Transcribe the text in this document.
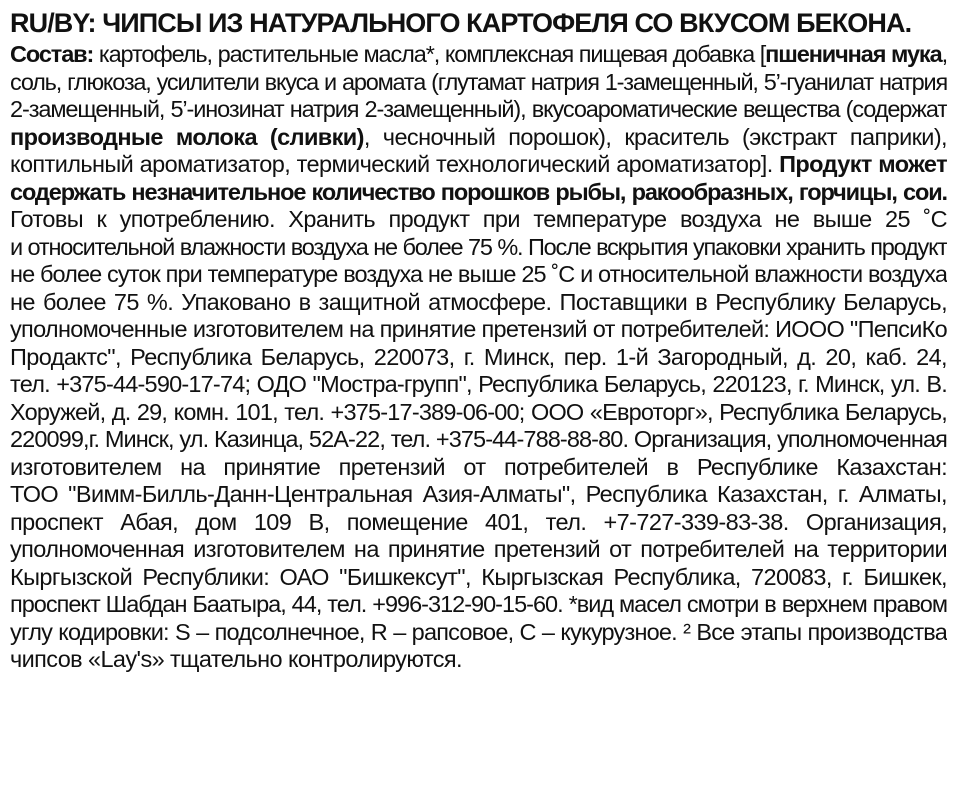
RU/BY: ЧИПСЫ ИЗ НАТУРАЛЬНОГО КАРТОФЕЛЯ СО ВКУСОМ БЕКОНА.
Состав: картофель, растительные масла*, комплексная пищевая добавка [пшеничная мука,
соль, глюкоза, усилители вкуса и аромата (глутамат натрия 1-замещенный, 5’-гуанилат натрия
2-замещенный, 5’-инозинат натрия 2-замещенный), вкусоароматические вещества (содержат
производные молока (сливки), чесночный порошок), краситель (экстракт паприки),
коптильный ароматизатор, термический технологический ароматизатор]. Продукт может
содержать незначительное количество порошков рыбы, ракообразных, горчицы, сои.
Готовы к употреблению. Хранить продукт при температуре воздуха не выше 25 ˚С
и относительной влажности воздуха не более 75 %. После вскрытия упаковки хранить продукт
не более суток при температуре воздуха не выше 25 ˚С и относительной влажности воздуха
не более 75 %. Упаковано в защитной атмосфере. Поставщики в Республику Беларусь,
уполномоченные изготовителем на принятие претензий от потребителей: ИООО "ПепсиКо
Продактс", Республика Беларусь, 220073, г. Минск, пер. 1-й Загородный, д. 20, каб. 24,
тел. +375-44-590-17-74; ОДО "Мостра-групп", Республика Беларусь, 220123, г. Минск, ул. В.
Хоружей, д. 29, комн. 101, тел. +375-17-389-06-00; ООО «Евроторг», Республика Беларусь,
220099,г. Минск, ул. Казинца, 52А-22, тел. +375-44-788-88-80. Организация, уполномоченная
изготовителем на принятие претензий от потребителей в Республике Казахстан:
ТОО "Вимм-Билль-Данн-Центральная Азия-Алматы", Республика Казахстан, г. Алматы,
проспект Абая, дом 109 В, помещение 401, тел. +7-727-339-83-38. Организация,
уполномоченная изготовителем на принятие претензий от потребителей на территории
Кыргызской Республики: ОАО "Бишкексут", Кыргызская Республика, 720083, г. Бишкек,
проспект Шабдан Баатыра, 44, тел. +996-312-90-15-60. *вид масел смотри в верхнем правом
углу кодировки: S – подсолнечное, R – рапсовое, С – кукурузное. ² Все этапы производства
чипсов «Lay's» тщательно контролируются.
